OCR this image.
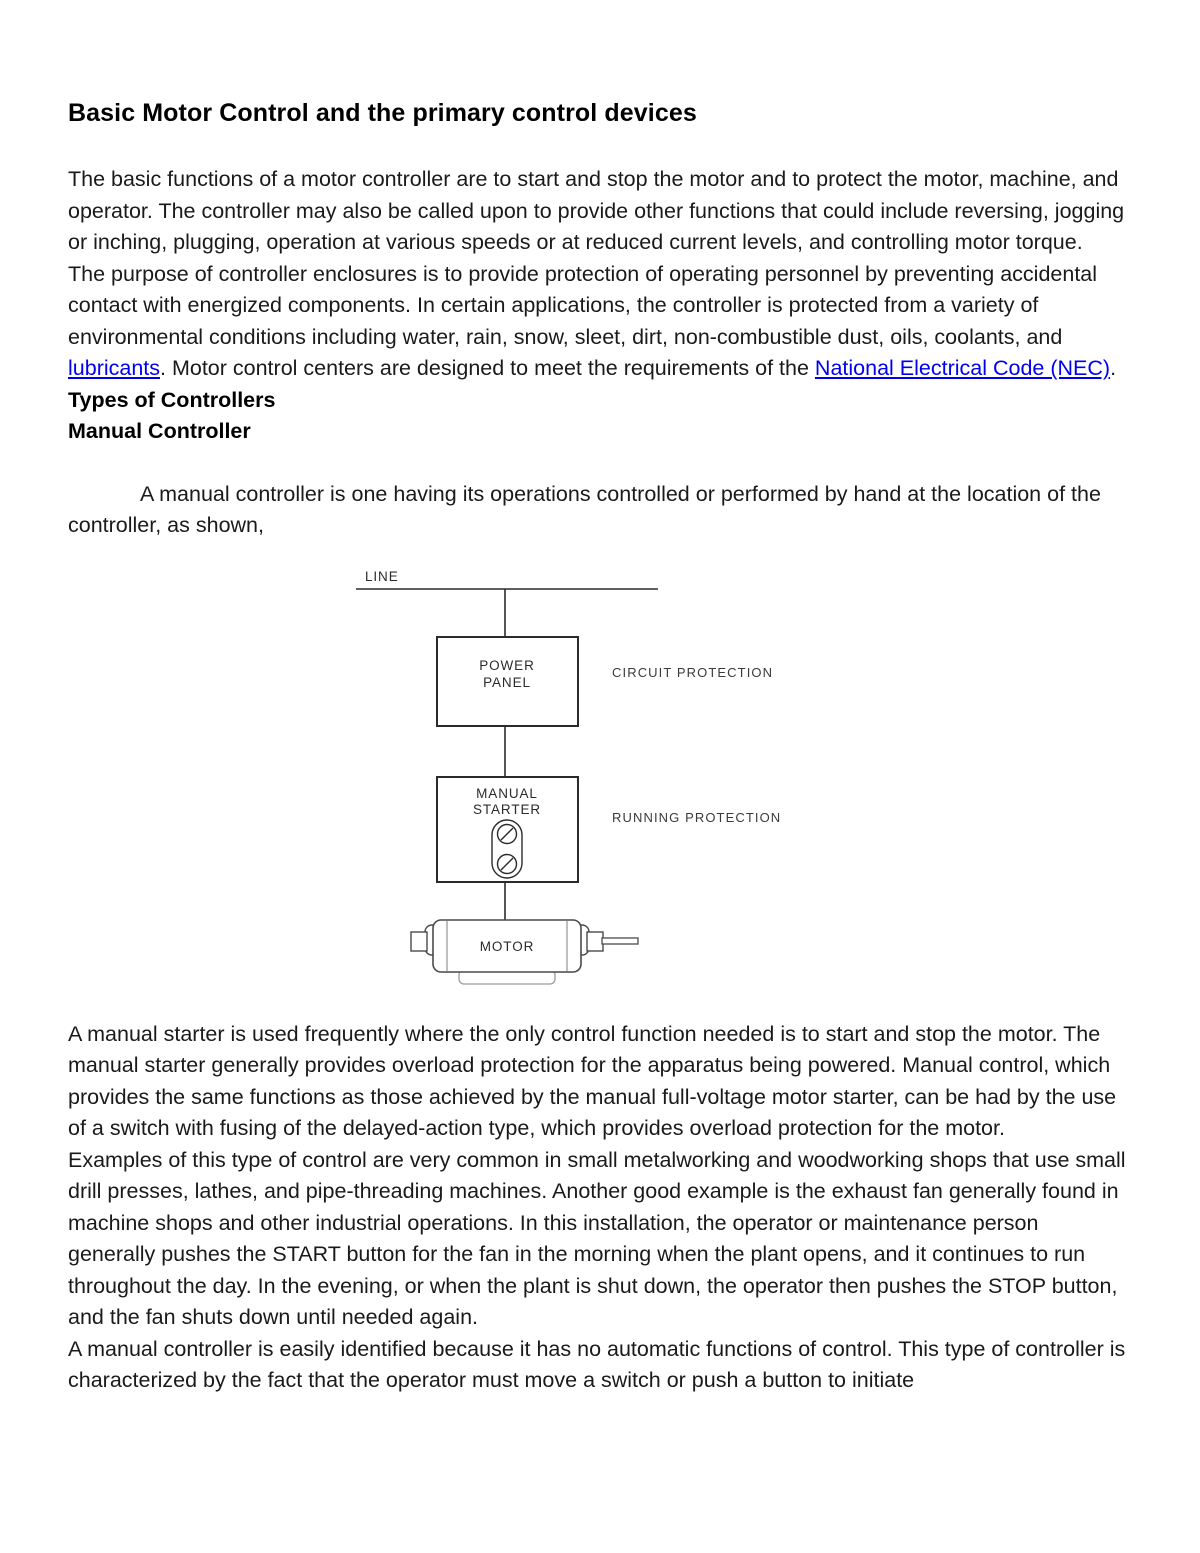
Basic Motor Control and the primary control devices

The basic functions of a motor controller are to start and stop the motor and to protect the motor, machine, and operator. The controller may also be called upon to provide other functions that could include reversing, jogging or inching, plugging, operation at various speeds or at reduced current levels, and controlling motor torque.

The purpose of controller enclosures is to provide protection of operating personnel by preventing accidental contact with energized components. In certain applications, the controller is protected from a variety of environmental conditions including water, rain, snow, sleet, dirt, non-combustible dust, oils, coolants, and lubricants. Motor control centers are designed to meet the requirements of the National Electrical Code (NEC).

Types of Controllers
Manual Controller

A manual controller is one having its operations controlled or performed by hand at the location of the controller, as shown,

LINE
POWER
PANEL
CIRCUIT PROTECTION
MANUAL
STARTER
RUNNING PROTECTION
MOTOR

A manual starter is used frequently where the only control function needed is to start and stop the motor. The manual starter generally provides overload protection for the apparatus being powered. Manual control, which provides the same functions as those achieved by the manual full-voltage motor starter, can be had by the use of a switch with fusing of the delayed-action type, which provides overload protection for the motor.

Examples of this type of control are very common in small metalworking and woodworking shops that use small drill presses, lathes, and pipe-threading machines. Another good example is the exhaust fan generally found in machine shops and other industrial operations. In this installation, the operator or maintenance person generally pushes the START button for the fan in the morning when the plant opens, and it continues to run throughout the day. In the evening, or when the plant is shut down, the operator then pushes the STOP button, and the fan shuts down until needed again.

A manual controller is easily identified because it has no automatic functions of control. This type of controller is characterized by the fact that the operator must move a switch or push a button to initiate
